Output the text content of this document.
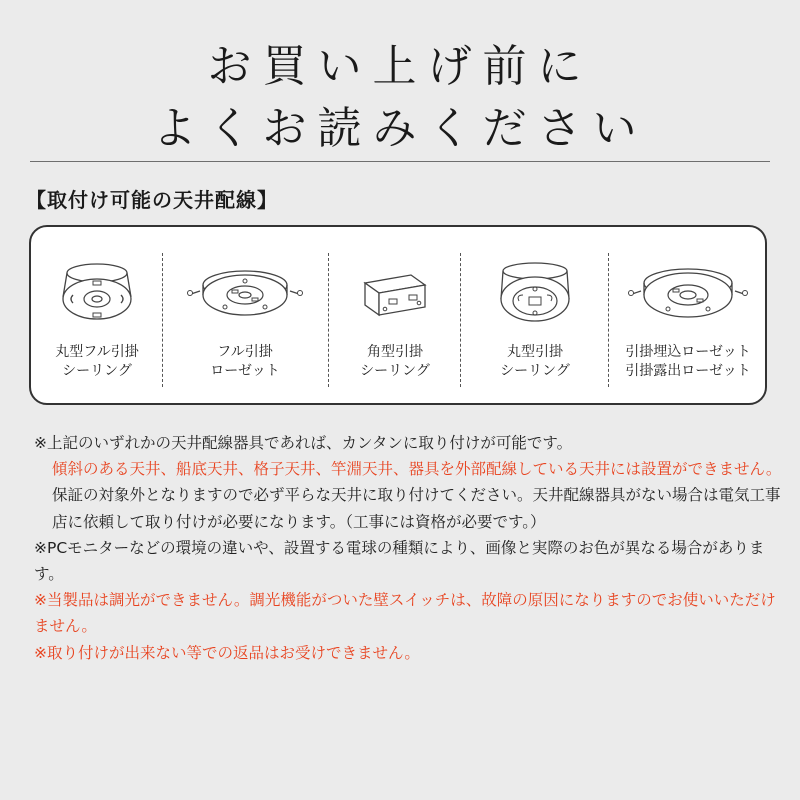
お買い上げ前に
よくお読みください
【取付け可能の天井配線】
丸型フル引掛
シーリング
フル引掛
ローゼット
角型引掛
シーリング
丸型引掛
シーリング
引掛埋込ローゼット
引掛露出ローゼット

※上記のいずれかの天井配線器具であれば、カンタンに取り付けが可能です。

傾斜のある天井、船底天井、格子天井、竿淵天井、器具を外部配線している天井には設置ができません。

保証の対象外となりますので必ず平らな天井に取り付けてください。天井配線器具がない場合は電気工事店に依頼して取り付けが必要になります。（工事には資格が必要です。）

※PCモニターなどの環境の違いや、設置する電球の種類により、画像と実際のお色が異なる場合があります。

※当製品は調光ができません。調光機能がついた壁スイッチは、故障の原因になりますのでお使いいただけません。

※取り付けが出来ない等での返品はお受けできません。
